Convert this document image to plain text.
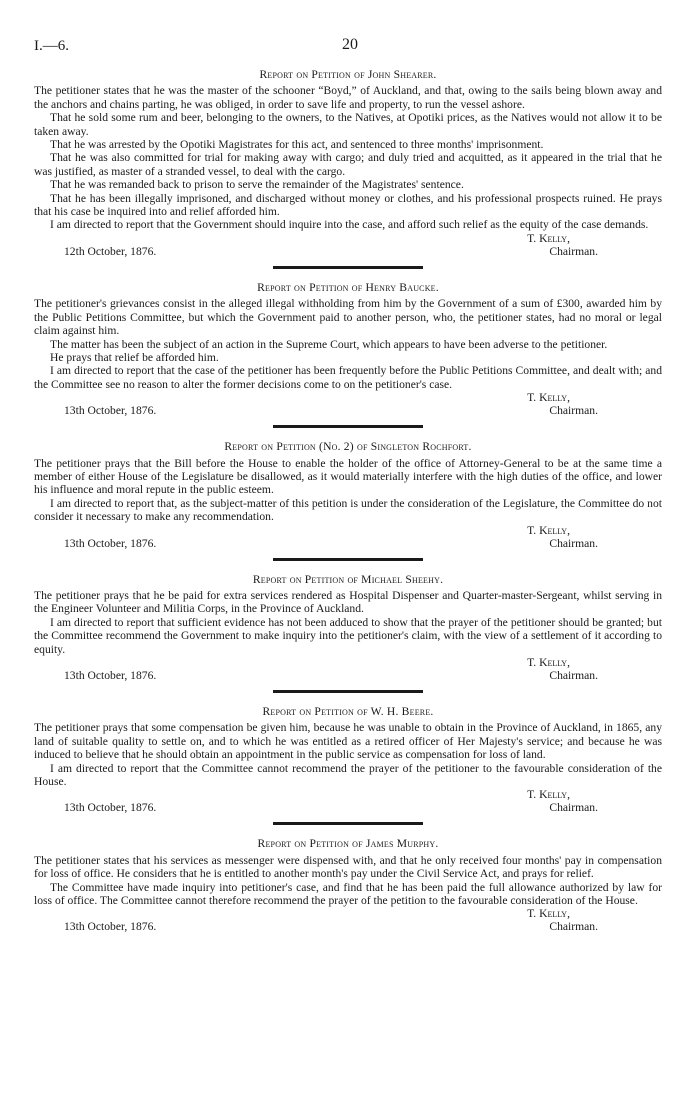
I.—6.	20
Report on Petition of John Shearer.

The petitioner states that he was the master of the schooner “Boyd,” of Auckland, and that, owing to the sails being blown away and the anchors and chains parting, he was obliged, in order to save life and property, to run the vessel ashore.

That he sold some rum and beer, belonging to the owners, to the Natives, at Opotiki prices, as the Natives would not allow it to be taken away.

That he was arrested by the Opotiki Magistrates for this act, and sentenced to three months' imprisonment.

That he was also committed for trial for making away with cargo; and duly tried and acquitted, as it appeared in the trial that he was justified, as master of a stranded vessel, to deal with the cargo.

That he was remanded back to prison to serve the remainder of the Magistrates' sentence.

That he has been illegally imprisoned, and discharged without money or clothes, and his professional prospects ruined. He prays that his case be inquired into and relief afforded him.

I am directed to report that the Government should inquire into the case, and afford such relief as the equity of the case demands.

T. Kelly,
12th October, 1876.	Chairman.
Report on Petition of Henry Baucke.

The petitioner's grievances consist in the alleged illegal withholding from him by the Government of a sum of £300, awarded him by the Public Petitions Committee, but which the Government paid to another person, who, the petitioner states, had no moral or legal claim against him.

The matter has been the subject of an action in the Supreme Court, which appears to have been adverse to the petitioner.

He prays that relief be afforded him.

I am directed to report that the case of the petitioner has been frequently before the Public Petitions Committee, and dealt with; and the Committee see no reason to alter the former decisions come to on the petitioner's case.

T. Kelly,
13th October, 1876.	Chairman.
Report on Petition (No. 2) of Singleton Rochfort.

The petitioner prays that the Bill before the House to enable the holder of the office of Attorney-General to be at the same time a member of either House of the Legislature be disallowed, as it would materially interfere with the high duties of the office, and lower his influence and moral repute in the public esteem.

I am directed to report that, as the subject-matter of this petition is under the consideration of the Legislature, the Committee do not consider it necessary to make any recommendation.

T. Kelly,
13th October, 1876.	Chairman.
Report on Petition of Michael Sheehy.

The petitioner prays that he be paid for extra services rendered as Hospital Dispenser and Quarter-master-Sergeant, whilst serving in the Engineer Volunteer and Militia Corps, in the Province of Auckland.

I am directed to report that sufficient evidence has not been adduced to show that the prayer of the petitioner should be granted; but the Committee recommend the Government to make inquiry into the petitioner's claim, with the view of a settlement of it according to equity.

T. Kelly,
13th October, 1876.	Chairman.
Report on Petition of W. H. Beere.

The petitioner prays that some compensation be given him, because he was unable to obtain in the Province of Auckland, in 1865, any land of suitable quality to settle on, and to which he was entitled as a retired officer of Her Majesty's service; and because he was induced to believe that he should obtain an appointment in the public service as compensation for loss of land.

I am directed to report that the Committee cannot recommend the prayer of the petitioner to the favourable consideration of the House.

T. Kelly,
13th October, 1876.	Chairman.
Report on Petition of James Murphy.

The petitioner states that his services as messenger were dispensed with, and that he only received four months' pay in compensation for loss of office. He considers that he is entitled to another month's pay under the Civil Service Act, and prays for relief.

The Committee have made inquiry into petitioner's case, and find that he has been paid the full allowance authorized by law for loss of office. The Committee cannot therefore recommend the prayer of the petition to the favourable consideration of the House.

T. Kelly,
13th October, 1876.	Chairman.
